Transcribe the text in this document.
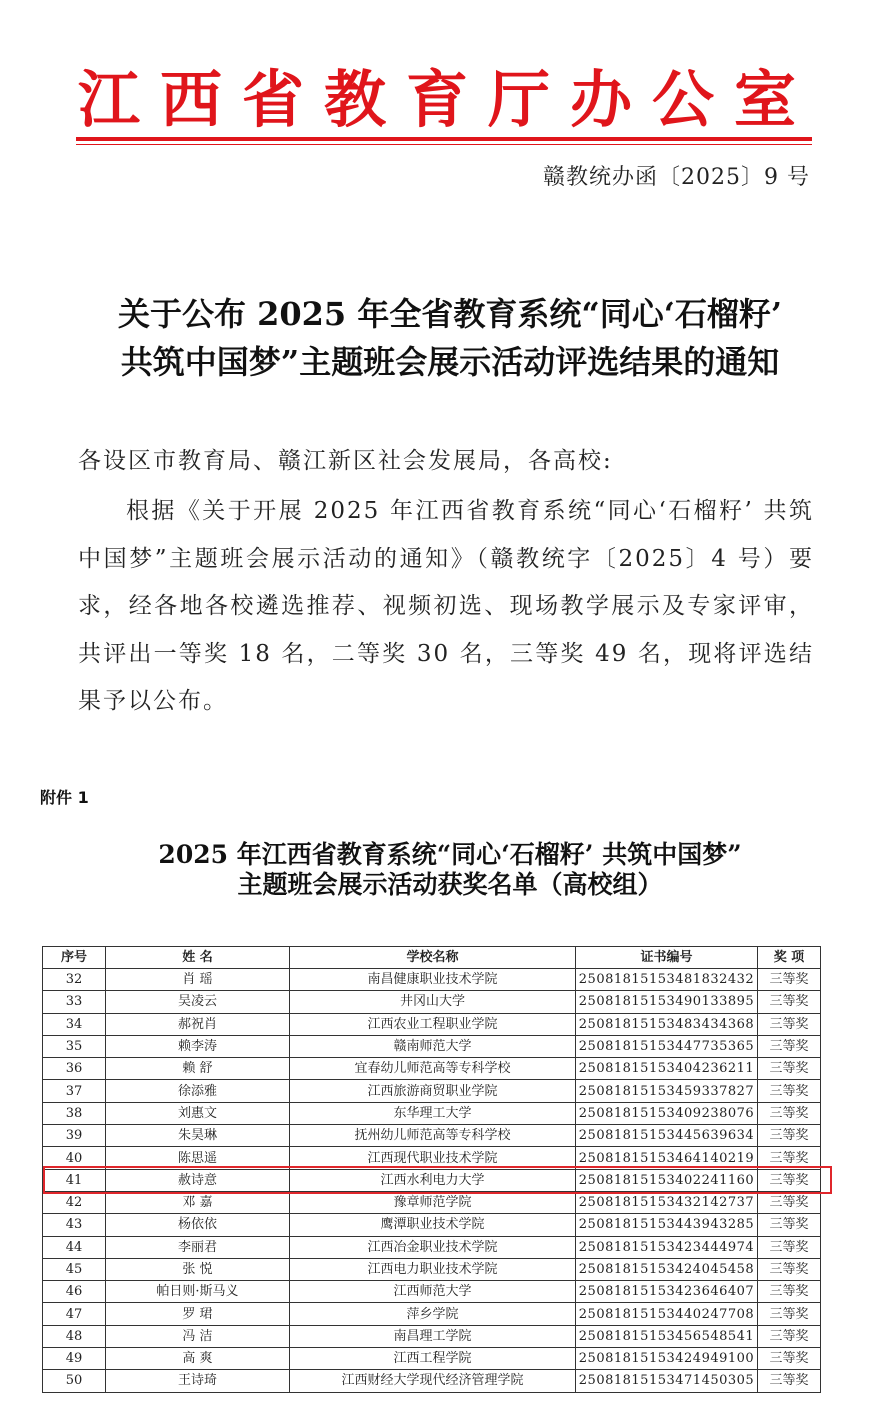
江西省教育厅办公室
赣教统办函〔2025〕9 号
关于公布 2025 年全省教育系统“同心‘石榴籽’
共筑中国梦”主题班会展示活动评选结果的通知
各设区市教育局、赣江新区社会发展局，各高校:
根据《关于开展 2025 年江西省教育系统“同心‘石榴籽’ 共筑中国梦”主题班会展示活动的通知》（赣教统字〔2025〕4 号）要求，经各地各校遴选推荐、视频初选、现场教学展示及专家评审，共评出一等奖 18 名，二等奖 30 名，三等奖 49 名，现将评选结果予以公布。
附件 1
2025 年江西省教育系统“同心‘石榴籽’ 共筑中国梦”
主题班会展示活动获奖名单（高校组）
序号	姓 名	学校名称	证书编号	奖 项
32	肖 瑶	南昌健康职业技术学院	25081815153481832432	三等奖
33	吴凌云	井冈山大学	25081815153490133895	三等奖
34	郝祝肖	江西农业工程职业学院	25081815153483434368	三等奖
35	赖李涛	赣南师范大学	25081815153447735365	三等奖
36	赖 舒	宜春幼儿师范高等专科学校	25081815153404236211	三等奖
37	徐添雅	江西旅游商贸职业学院	25081815153459337827	三等奖
38	刘惠文	东华理工大学	25081815153409238076	三等奖
39	朱昊琳	抚州幼儿师范高等专科学校	25081815153445639634	三等奖
40	陈思遥	江西现代职业技术学院	25081815153464140219	三等奖
41	赦诗意	江西水利电力大学	25081815153402241160	三等奖
42	邓 嘉	豫章师范学院	25081815153432142737	三等奖
43	杨依依	鹰潭职业技术学院	25081815153443943285	三等奖
44	李丽君	江西冶金职业技术学院	25081815153423444974	三等奖
45	张 悦	江西电力职业技术学院	25081815153424045458	三等奖
46	帕日则·斯马义	江西师范大学	25081815153423646407	三等奖
47	罗 珺	萍乡学院	25081815153440247708	三等奖
48	冯 洁	南昌理工学院	25081815153456548541	三等奖
49	高 爽	江西工程学院	25081815153424949100	三等奖
50	王诗琦	江西财经大学现代经济管理学院	25081815153471450305	三等奖
